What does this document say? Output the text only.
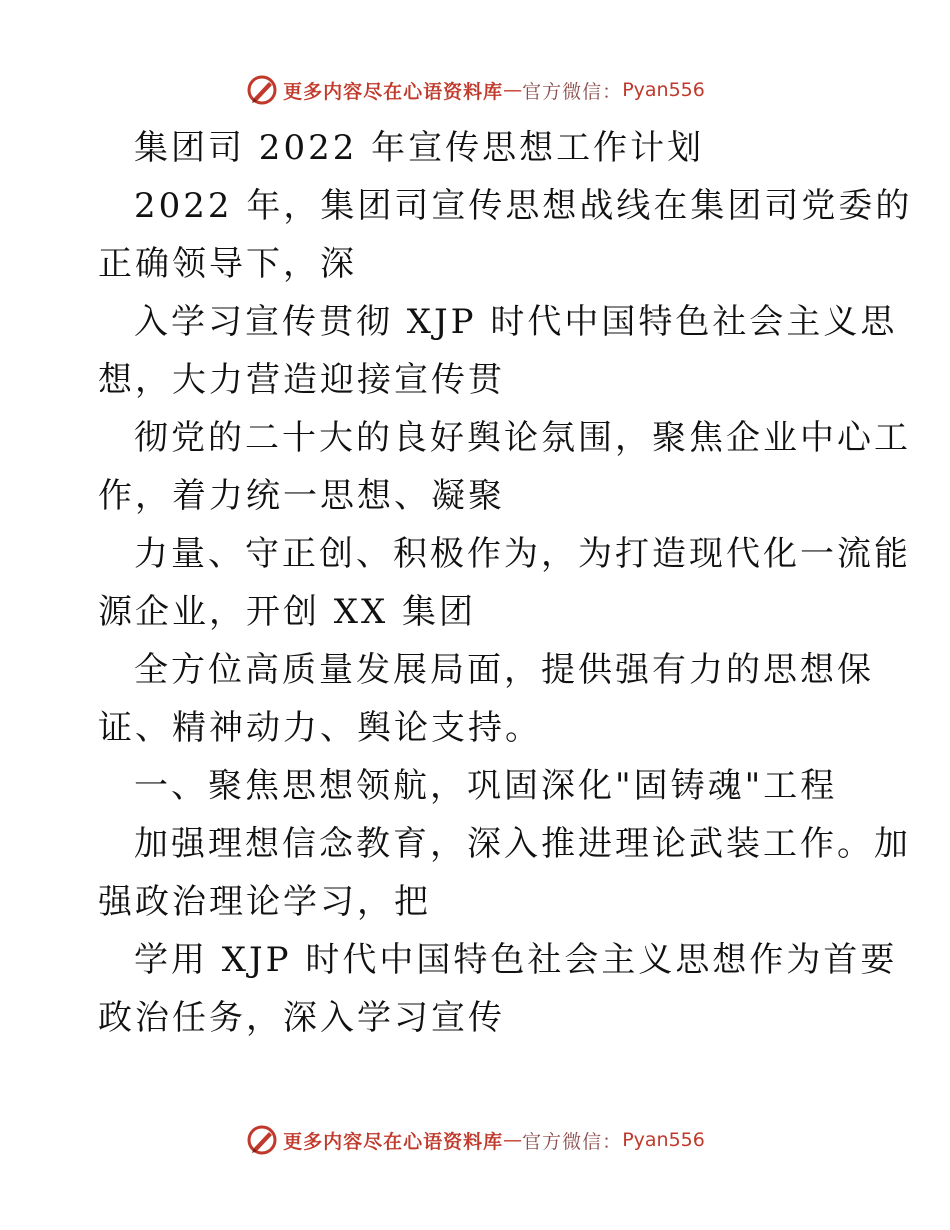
更多内容尽在心语资料库 — 官方微信： Pyan556
集团司 2022 年宣传思想工作计划
2022 年，集团司宣传思想战线在集团司党委的
正确领导下，深
入学习宣传贯彻 XJP 时代中国特色社会主义思
想，大力营造迎接宣传贯
彻党的二十大的良好舆论氛围，聚焦企业中心工
作，着力统一思想、凝聚
力量、守正创、积极作为，为打造现代化一流能
源企业，开创 XX 集团
全方位高质量发展局面，提供强有力的思想保
证、精神动力、舆论支持。
一、聚焦思想领航，巩固深化"固铸魂"工程
加强理想信念教育，深入推进理论武装工作。加
强政治理论学习，把
学用 XJP 时代中国特色社会主义思想作为首要
政治任务，深入学习宣传
更多内容尽在心语资料库 — 官方微信： Pyan556
